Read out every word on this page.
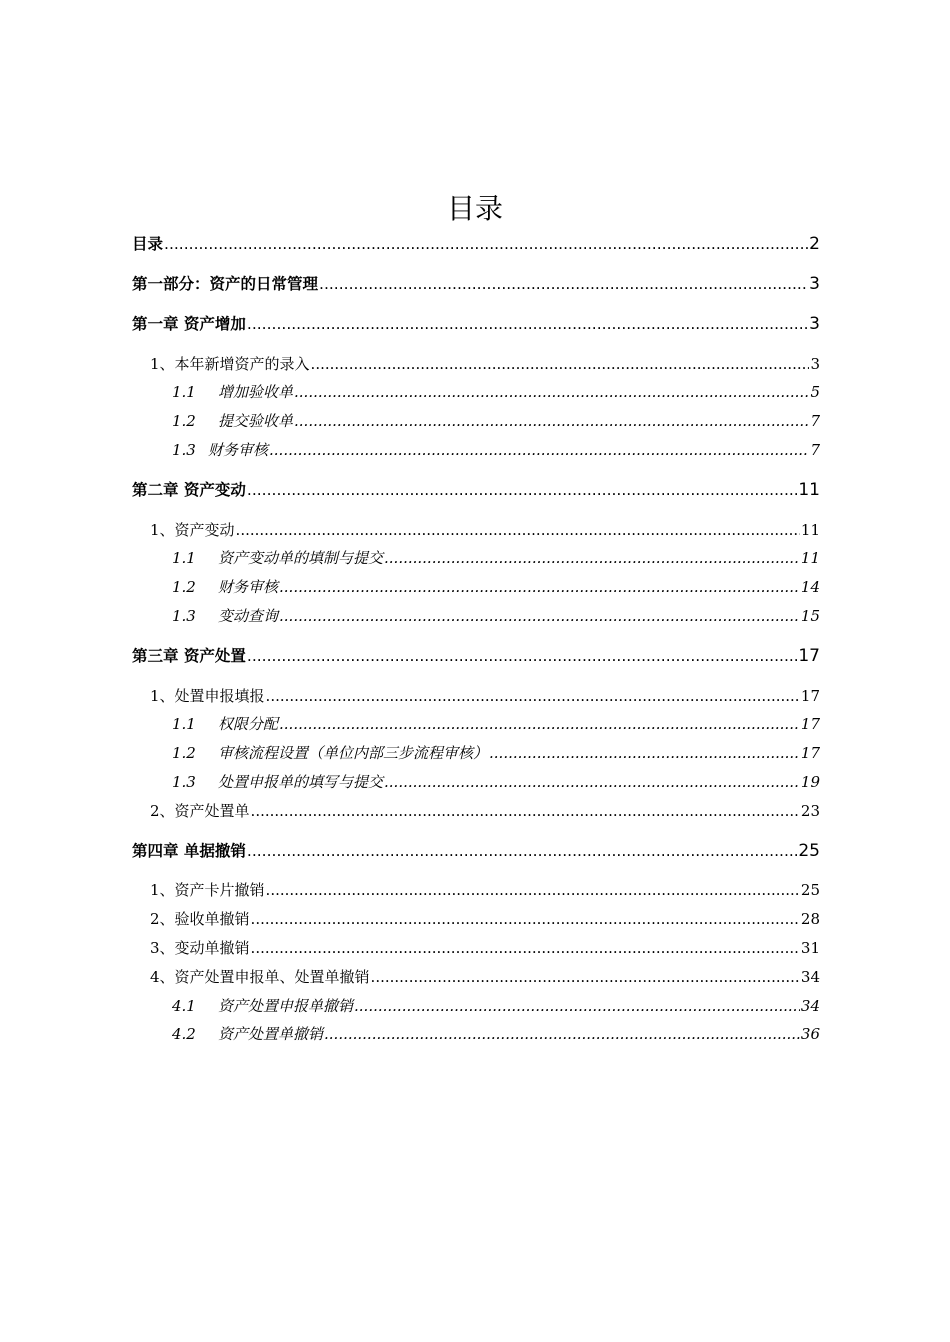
目录
目录 .....	2
第一部分：资产的日常管理 .....	3
第一章 资产增加 .....	3
1、本年新增资产的录入 .....	3
1.1 增加验收单 .....	5
1.2 提交验收单 .....	7
1.3 财务审核 .....	7
第二章 资产变动 .....	11
1、资产变动 .....	11
1.1 资产变动单的填制与提交 .....	11
1.2 财务审核 .....	14
1.3 变动查询 .....	15
第三章 资产处置 .....	17
1、处置申报填报 .....	17
1.1 权限分配 .....	17
1.2 审核流程设置（单位内部三步流程审核） .....	17
1.3 处置申报单的填写与提交 .....	19
2、资产处置单 .....	23
第四章 单据撤销 .....	25
1、资产卡片撤销 .....	25
2、验收单撤销 .....	28
3、变动单撤销 .....	31
4、资产处置申报单、处置单撤销 .....	34
4.1 资产处置申报单撤销 .....	34
4.2 资产处置单撤销 .....	36
